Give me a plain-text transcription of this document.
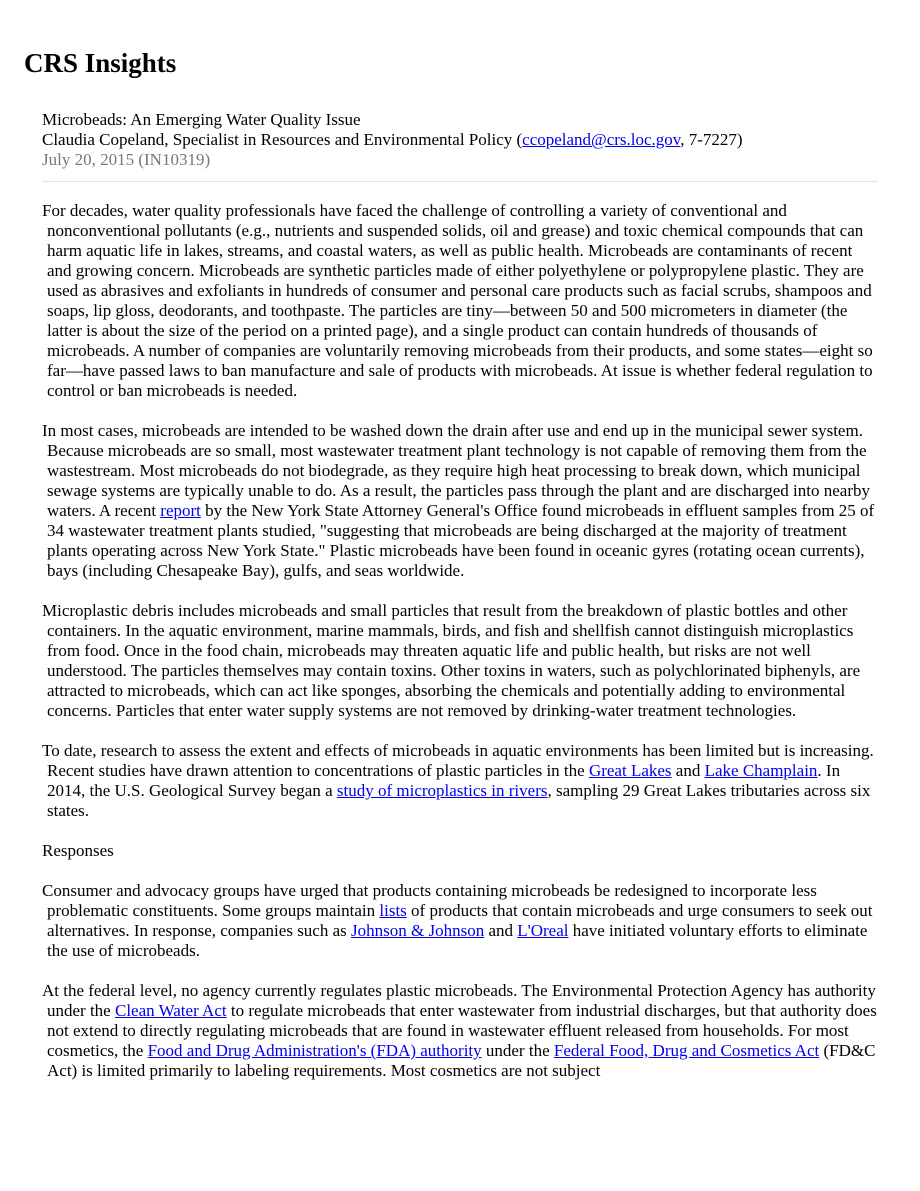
CRS Insights
Microbeads: An Emerging Water Quality Issue
Claudia Copeland, Specialist in Resources and Environmental Policy (ccopeland@crs.loc.gov, 7-7227)
July 20, 2015 (IN10319)

For decades, water quality professionals have faced the challenge of controlling a variety of conventional and nonconventional pollutants (e.g., nutrients and suspended solids, oil and grease) and toxic chemical compounds that can harm aquatic life in lakes, streams, and coastal waters, as well as public health. Microbeads are contaminants of recent and growing concern. Microbeads are synthetic particles made of either polyethylene or polypropylene plastic. They are used as abrasives and exfoliants in hundreds of consumer and personal care products such as facial scrubs, shampoos and soaps, lip gloss, deodorants, and toothpaste. The particles are tiny—between 50 and 500 micrometers in diameter (the latter is about the size of the period on a printed page), and a single product can contain hundreds of thousands of microbeads. A number of companies are voluntarily removing microbeads from their products, and some states—eight so far—have passed laws to ban manufacture and sale of products with microbeads. At issue is whether federal regulation to control or ban microbeads is needed.

In most cases, microbeads are intended to be washed down the drain after use and end up in the municipal sewer system. Because microbeads are so small, most wastewater treatment plant technology is not capable of removing them from the wastestream. Most microbeads do not biodegrade, as they require high heat processing to break down, which municipal sewage systems are typically unable to do. As a result, the particles pass through the plant and are discharged into nearby waters. A recent report by the New York State Attorney General's Office found microbeads in effluent samples from 25 of 34 wastewater treatment plants studied, "suggesting that microbeads are being discharged at the majority of treatment plants operating across New York State." Plastic microbeads have been found in oceanic gyres (rotating ocean currents), bays (including Chesapeake Bay), gulfs, and seas worldwide.

Microplastic debris includes microbeads and small particles that result from the breakdown of plastic bottles and other containers. In the aquatic environment, marine mammals, birds, and fish and shellfish cannot distinguish microplastics from food. Once in the food chain, microbeads may threaten aquatic life and public health, but risks are not well understood. The particles themselves may contain toxins. Other toxins in waters, such as polychlorinated biphenyls, are attracted to microbeads, which can act like sponges, absorbing the chemicals and potentially adding to environmental concerns. Particles that enter water supply systems are not removed by drinking-water treatment technologies.

To date, research to assess the extent and effects of microbeads in aquatic environments has been limited but is increasing. Recent studies have drawn attention to concentrations of plastic particles in the Great Lakes and Lake Champlain. In 2014, the U.S. Geological Survey began a study of microplastics in rivers, sampling 29 Great Lakes tributaries across six states.

Responses

Consumer and advocacy groups have urged that products containing microbeads be redesigned to incorporate less problematic constituents. Some groups maintain lists of products that contain microbeads and urge consumers to seek out alternatives. In response, companies such as Johnson & Johnson and L'Oreal have initiated voluntary efforts to eliminate the use of microbeads.

At the federal level, no agency currently regulates plastic microbeads. The Environmental Protection Agency has authority under the Clean Water Act to regulate microbeads that enter wastewater from industrial discharges, but that authority does not extend to directly regulating microbeads that are found in wastewater effluent released from households. For most cosmetics, the Food and Drug Administration's (FDA) authority under the Federal Food, Drug and Cosmetics Act (FD&C Act) is limited primarily to labeling requirements. Most cosmetics are not subject
